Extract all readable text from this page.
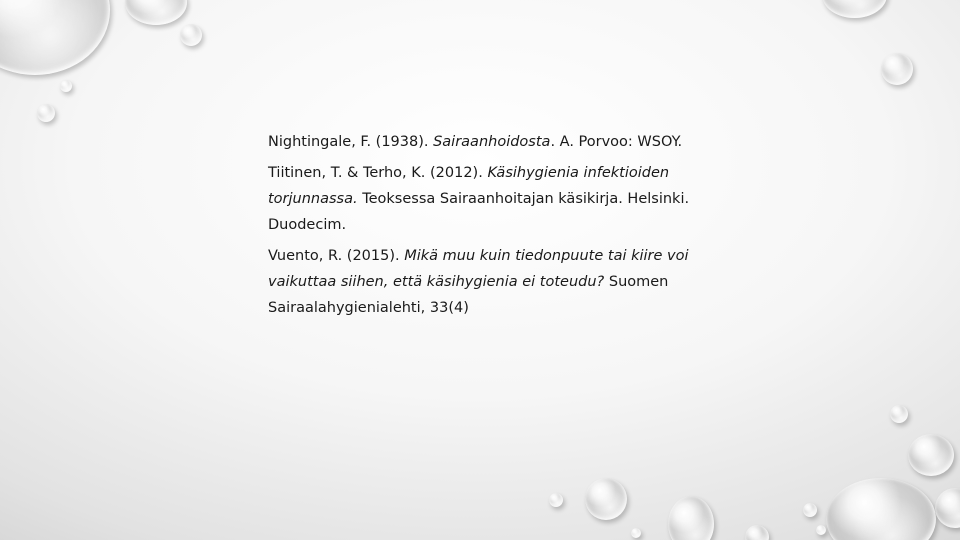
Nightingale, F. (1938). Sairaanhoidosta. A. Porvoo: WSOY.

Tiitinen, T. & Terho, K. (2012). Käsihygienia infektioiden torjunnassa. Teoksessa Sairaanhoitajan käsikirja. Helsinki. Duodecim.

Vuento, R. (2015). Mikä muu kuin tiedonpuute tai kiire voi vaikuttaa siihen, että käsihygienia ei toteudu? Suomen Sairaalahygienialehti, 33(4)
